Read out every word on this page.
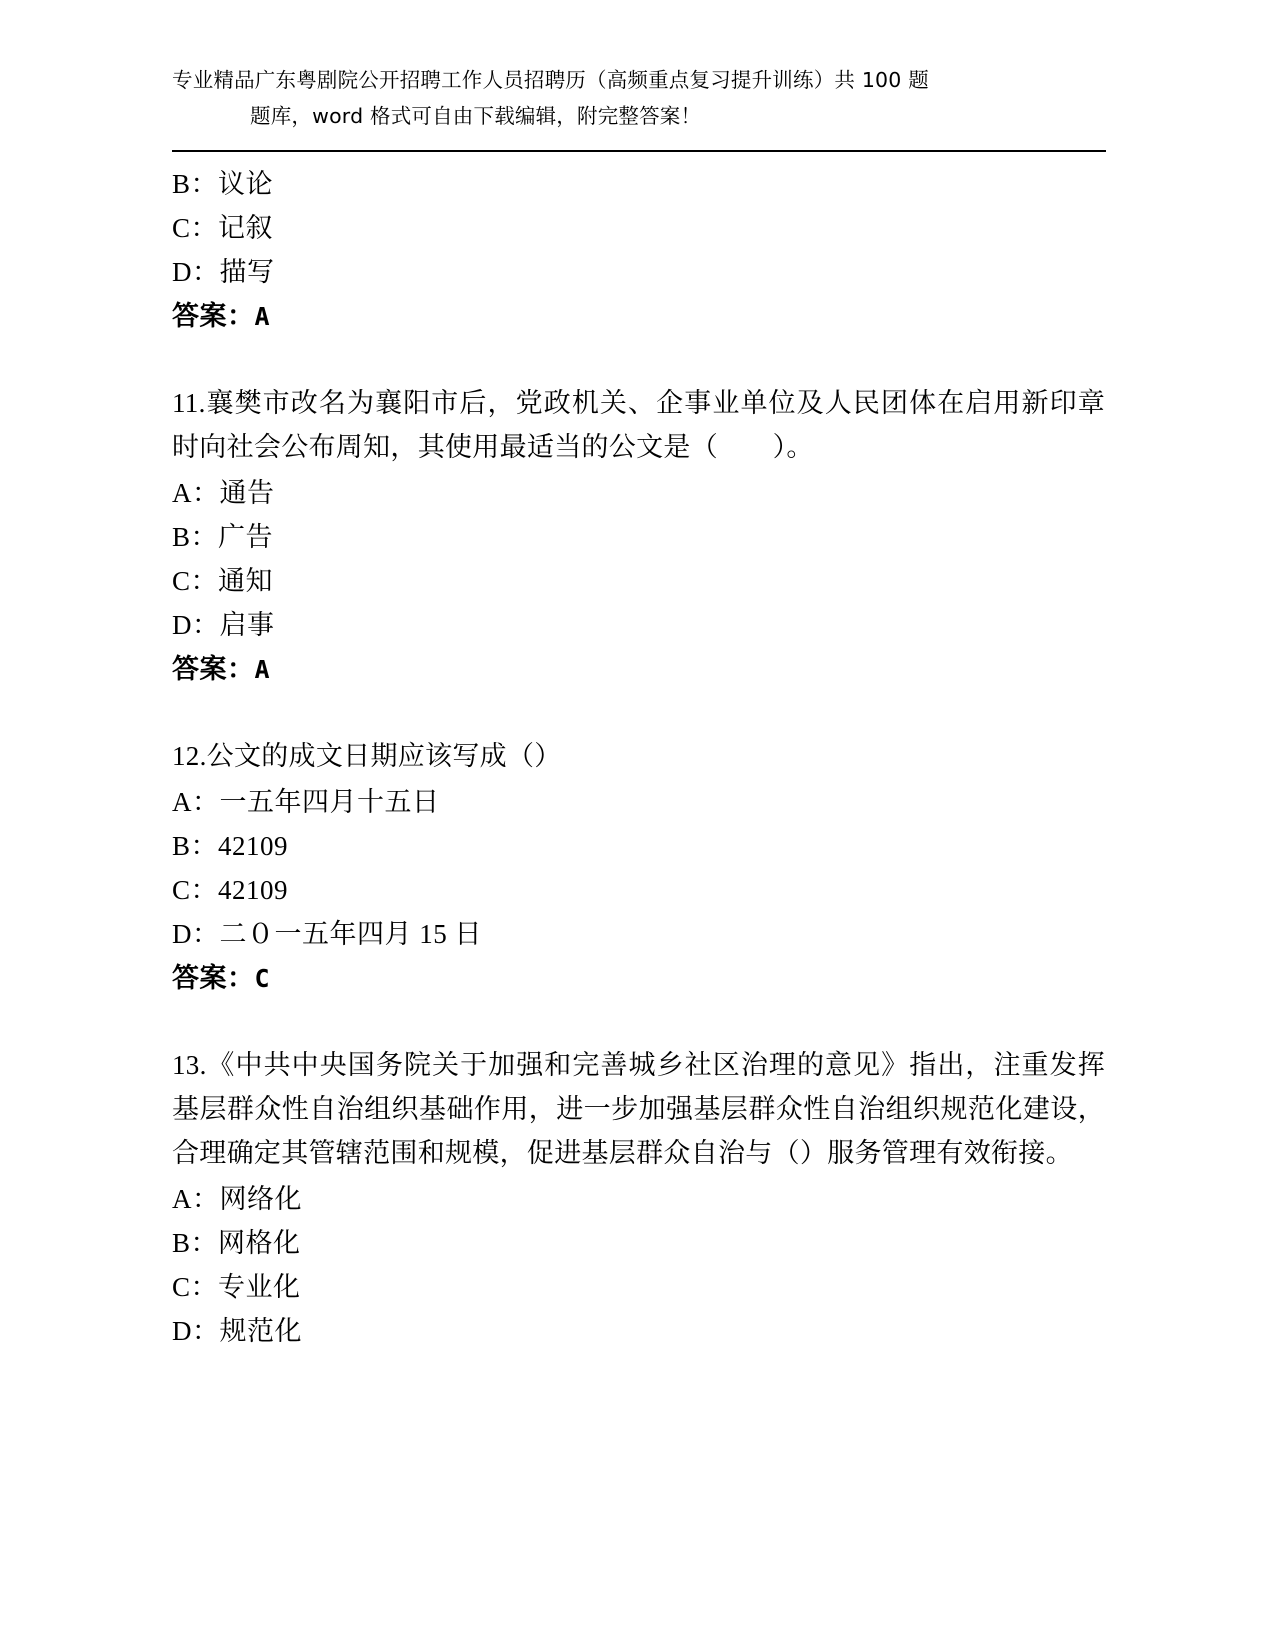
专业精品广东粤剧院公开招聘工作人员招聘历（高频重点复习提升训练）共 100 题
题库，word 格式可自由下载编辑，附完整答案！
B：议论
C：记叙
D：描写
答案：A
11.襄樊市改名为襄阳市后，党政机关、企事业单位及人民团体在启用新印章时向社会公布周知，其使用最适当的公文是（　　）。
A：通告
B：广告
C：通知
D：启事
答案：A
12.公文的成文日期应该写成（）
A：一五年四月十五日
B：42109
C：42109
D：二０一五年四月 15 日
答案：C
13.《中共中央国务院关于加强和完善城乡社区治理的意见》指出，注重发挥基层群众性自治组织基础作用，进一步加强基层群众性自治组织规范化建设，合理确定其管辖范围和规模，促进基层群众自治与（）服务管理有效衔接。
A：网络化
B：网格化
C：专业化
D：规范化
